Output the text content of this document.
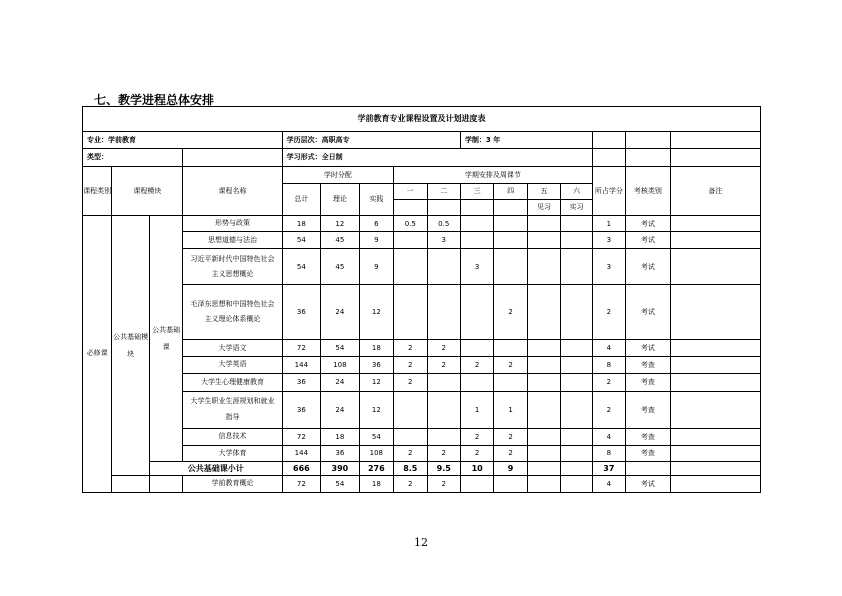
七、教学进程总体安排
学前教育专业课程设置及计划进度表															
专业：学前教育				学历层次：高职高专					学制：3 年						
类型：				学习形式：全日制											
课程类别	课程模块		课程名称	学时分配			学期安排及周课节						所占学分	考核类别	备注
				总计	理论	实践	一	二	三	四	五	六			
											见习	实习			
必修课	公共基础模块	公共基础课	形势与政策	18	12	6	0.5	0.5					1	考试	
			思想道德与法治	54	45	9		3					3	考试	
			习近平新时代中国特色社会主义思想概论	54	45	9			3				3	考试	
			毛泽东思想和中国特色社会主义理论体系概论	36	24	12				2			2	考试	
			大学语文	72	54	18	2	2					4	考试	
			大学英语	144	108	36	2	2	2	2			8	考查	
			大学生心理健康教育	36	24	12	2						2	考查	
			大学生职业生涯规划和就业指导	36	24	12			1	1			2	考查	
			信息技术	72	18	54			2	2			4	考查	
			大学体育	144	36	108	2	2	2	2			8	考查	
		公共基础课小计		666	390	276	8.5	9.5	10	9			37		
			学前教育概论	72	54	18	2	2					4	考试	
12
